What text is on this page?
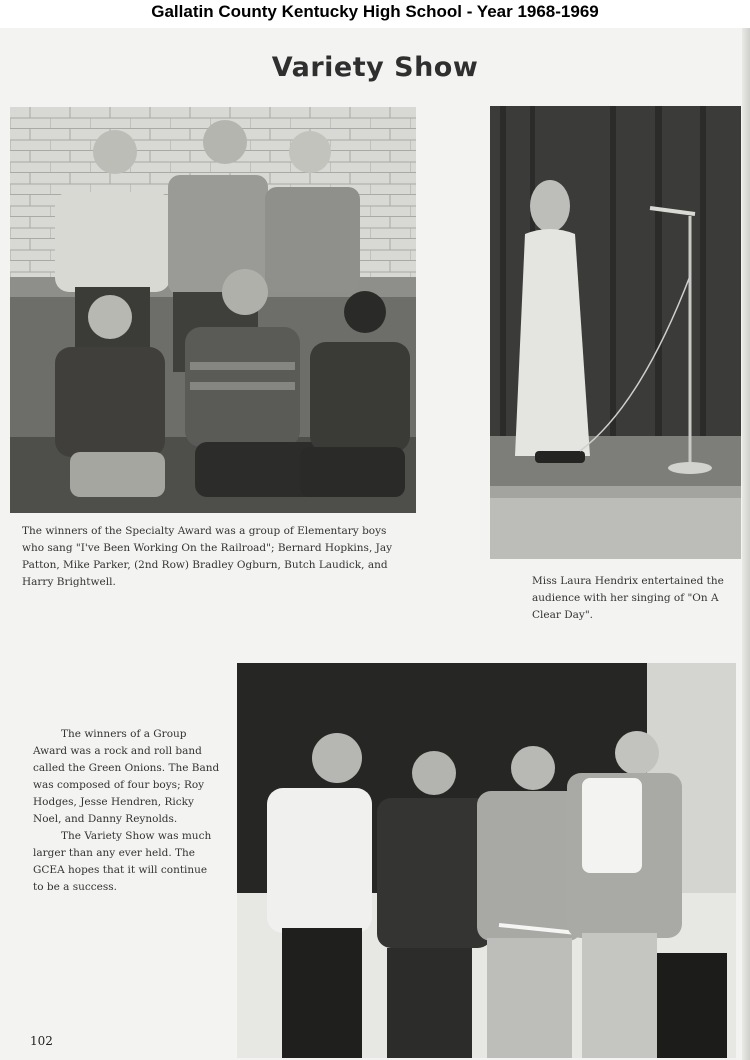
Gallatin County Kentucky High School - Year 1968-1969
Variety Show

The winners of the Specialty Award was a group of Elementary boys who sang "I've Been Working On the Railroad"; Bernard Hopkins, Jay Patton, Mike Parker, (2nd Row) Bradley Ogburn, Butch Laudick, and Harry Brightwell.	Miss Laura Hendrix entertained the audience with her singing of "On A Clear Day".

The winners of a Group Award was a rock and roll band called the Green Onions. The Band was composed of four boys; Roy Hodges, Jesse Hendren, Ricky Noel, and Danny Reynolds.

The Variety Show was much larger than any ever held. The GCEA hopes that it will continue to be a success.

102
